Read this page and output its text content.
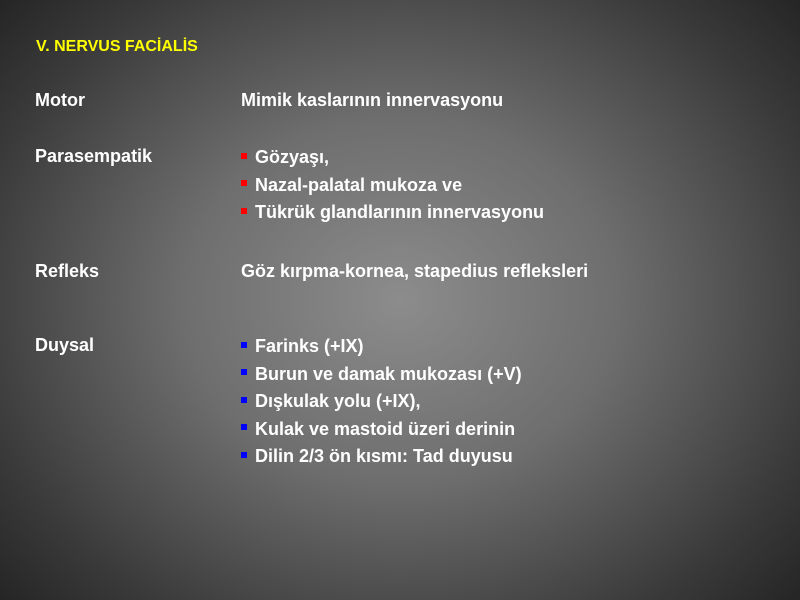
V. NERVUS FACİALİS
Motor	Mimik kaslarının innervasyonu
Parasempatik	Gözyaşı,
Nazal-palatal mukoza ve
Tükrük glandlarının innervasyonu
Refleks	Göz kırpma-kornea, stapedius refleksleri
Duysal	Farinks (+IX)
Burun ve damak mukozası (+V)
Dışkulak yolu (+IX),
Kulak ve mastoid üzeri derinin
Dilin 2/3 ön kısmı: Tad duyusu
